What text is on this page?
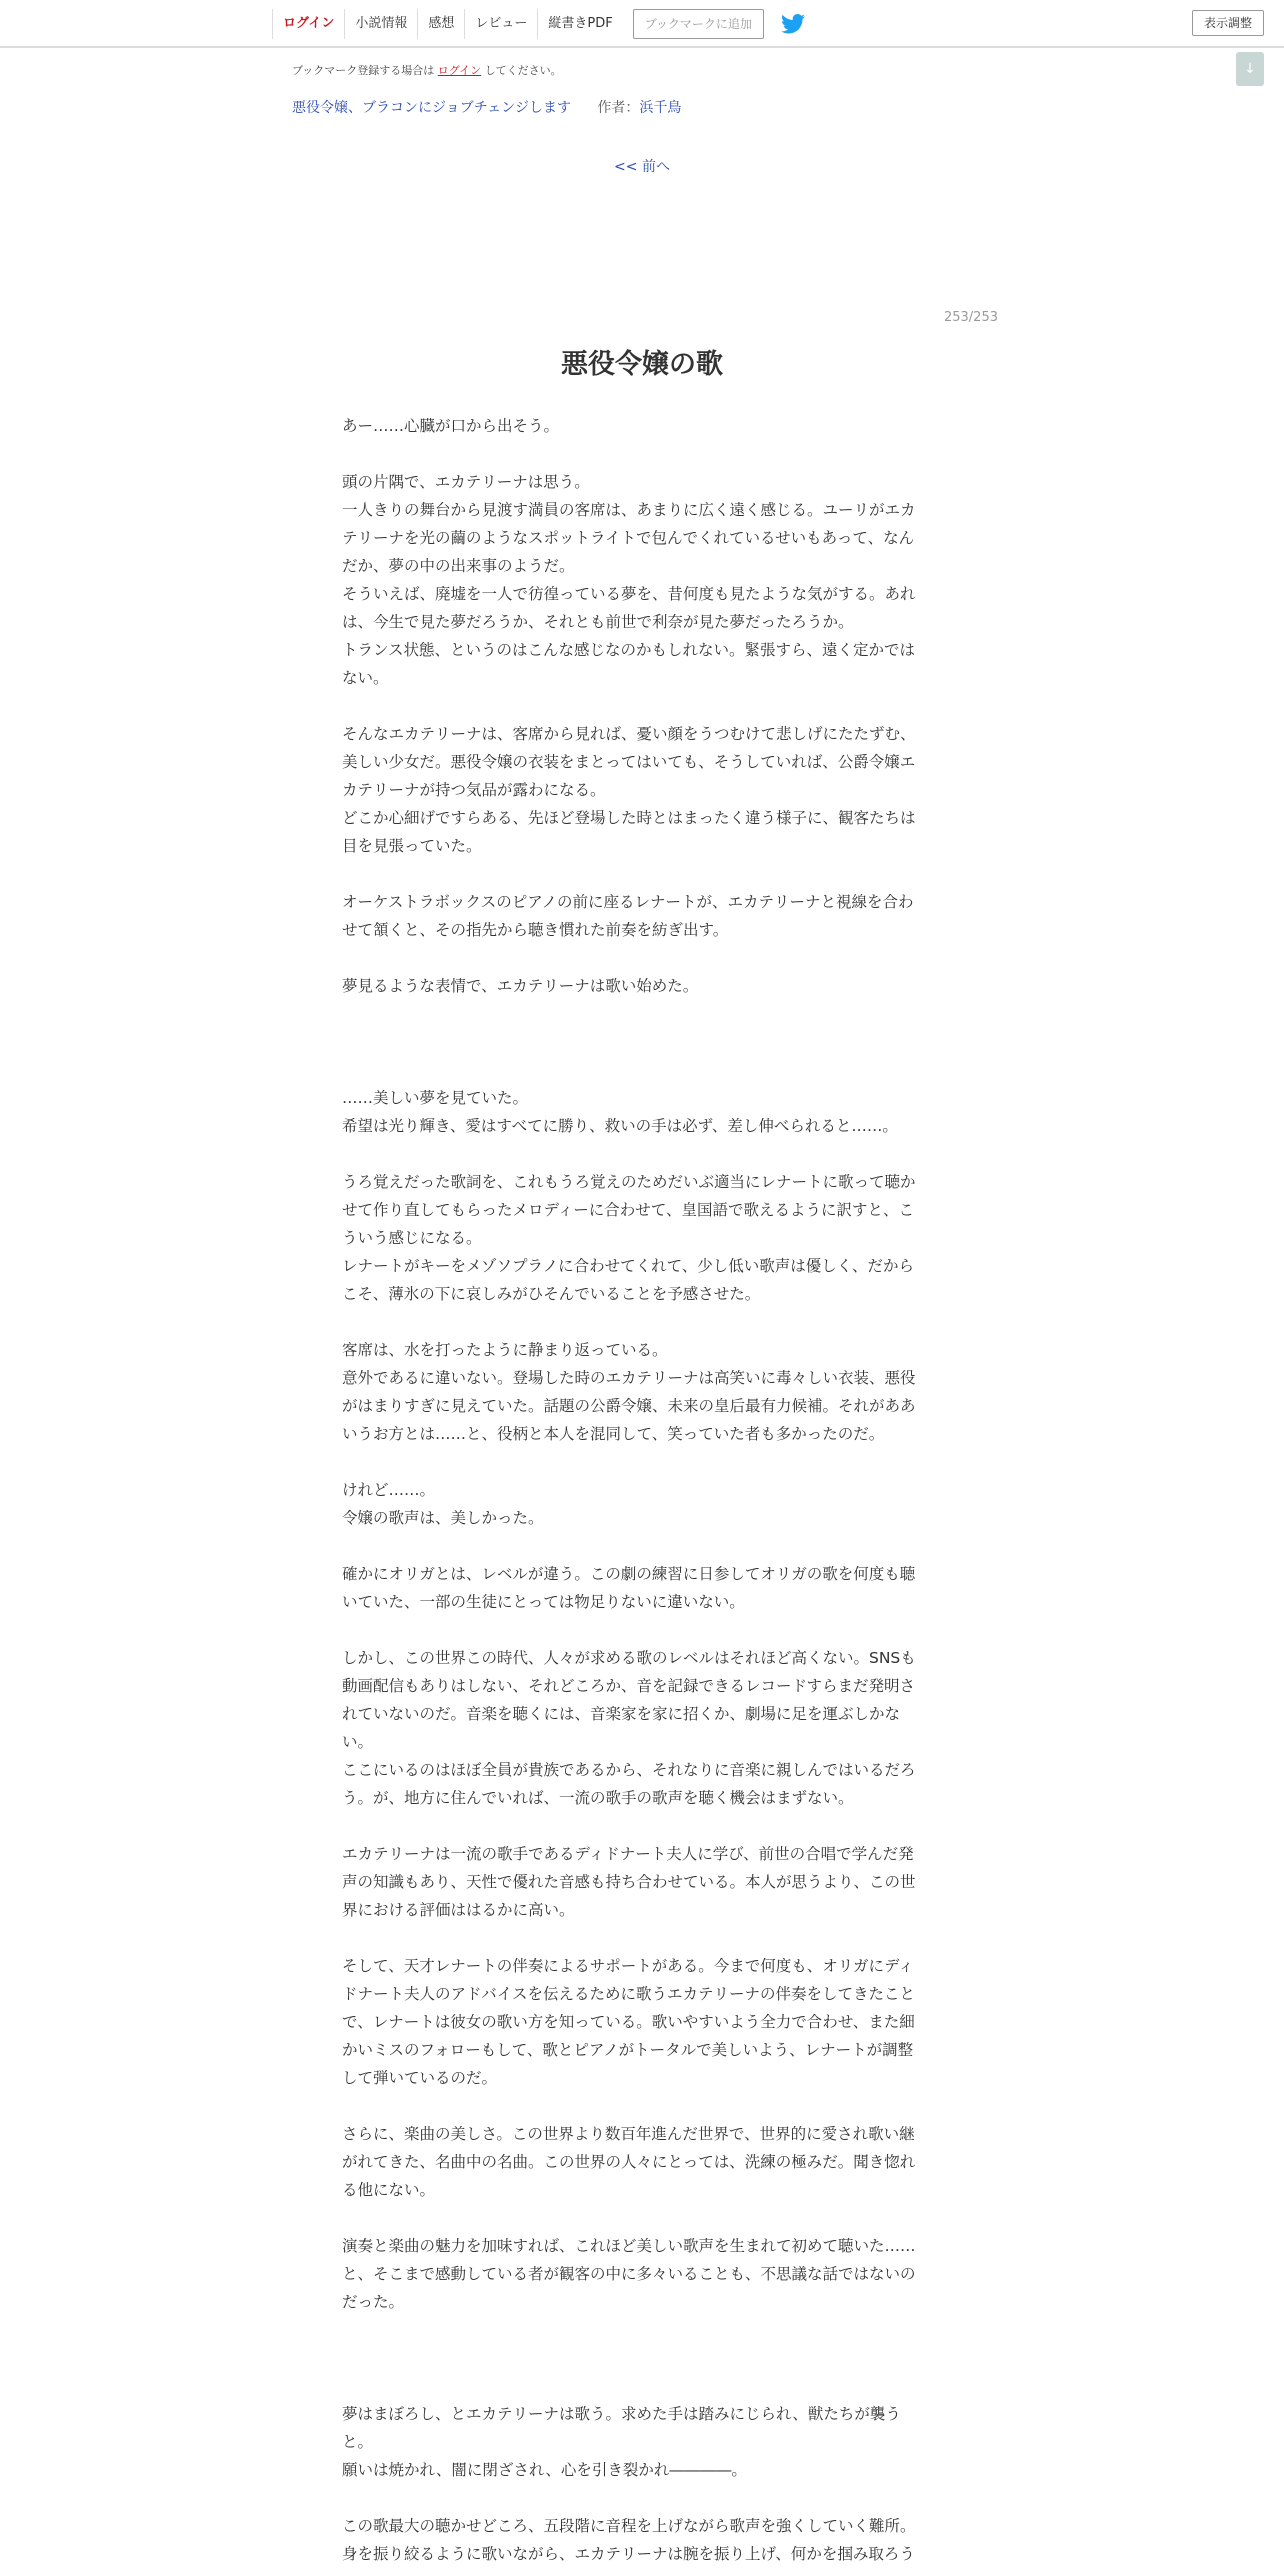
ログイン	小説情報	感想	レビュー	縦書きPDF	ブックマークに追加	表示調整
↓
ブックマーク登録する場合は ログイン してください。
悪役令嬢、ブラコンにジョブチェンジします 作者：浜千鳥
<< 前へ
253/253
悪役令嬢の歌
あー……心臓が口から出そう。
頭の片隅で、エカテリーナは思う。
一人きりの舞台から見渡す満員の客席は、あまりに広く遠く感じる。ユーリがエカ
テリーナを光の繭のようなスポットライトで包んでくれているせいもあって、なん
だか、夢の中の出来事のようだ。
そういえば、廃墟を一人で彷徨っている夢を、昔何度も見たような気がする。あれ
は、今生で見た夢だろうか、それとも前世で利奈が見た夢だったろうか。
トランス状態、というのはこんな感じなのかもしれない。緊張すら、遠く定かでは
ない。
そんなエカテリーナは、客席から見れば、憂い顔をうつむけて悲しげにたたずむ、
美しい少女だ。悪役令嬢の衣装をまとってはいても、そうしていれば、公爵令嬢エ
カテリーナが持つ気品が露わになる。
どこか心細げですらある、先ほど登場した時とはまったく違う様子に、観客たちは
目を見張っていた。
オーケストラボックスのピアノの前に座るレナートが、エカテリーナと視線を合わ
せて頷くと、その指先から聴き慣れた前奏を紡ぎ出す。
夢見るような表情で、エカテリーナは歌い始めた。
……美しい夢を見ていた。
希望は光り輝き、愛はすべてに勝り、救いの手は必ず、差し伸べられると……。
うろ覚えだった歌詞を、これもうろ覚えのためだいぶ適当にレナートに歌って聴か
せて作り直してもらったメロディーに合わせて、皇国語で歌えるように訳すと、こ
ういう感じになる。
レナートがキーをメゾソプラノに合わせてくれて、少し低い歌声は優しく、だから
こそ、薄氷の下に哀しみがひそんでいることを予感させた。
客席は、水を打ったように静まり返っている。
意外であるに違いない。登場した時のエカテリーナは高笑いに毒々しい衣装、悪役
がはまりすぎに見えていた。話題の公爵令嬢、未来の皇后最有力候補。それがああ
いうお方とは……と、役柄と本人を混同して、笑っていた者も多かったのだ。
けれど……。
令嬢の歌声は、美しかった。
確かにオリガとは、レベルが違う。この劇の練習に日参してオリガの歌を何度も聴
いていた、一部の生徒にとっては物足りないに違いない。
しかし、この世界この時代、人々が求める歌のレベルはそれほど高くない。SNSも
動画配信もありはしない、それどころか、音を記録できるレコードすらまだ発明さ
れていないのだ。音楽を聴くには、音楽家を家に招くか、劇場に足を運ぶしかな
い。
ここにいるのはほぼ全員が貴族であるから、それなりに音楽に親しんではいるだろ
う。が、地方に住んでいれば、一流の歌手の歌声を聴く機会はまずない。
エカテリーナは一流の歌手であるディドナート夫人に学び、前世の合唱で学んだ発
声の知識もあり、天性で優れた音感も持ち合わせている。本人が思うより、この世
界における評価ははるかに高い。
そして、天才レナートの伴奏によるサポートがある。今まで何度も、オリガにディ
ドナート夫人のアドバイスを伝えるために歌うエカテリーナの伴奏をしてきたこと
で、レナートは彼女の歌い方を知っている。歌いやすいよう全力で合わせ、また細
かいミスのフォローもして、歌とピアノがトータルで美しいよう、レナートが調整
して弾いているのだ。
さらに、楽曲の美しさ。この世界より数百年進んだ世界で、世界的に愛され歌い継
がれてきた、名曲中の名曲。この世界の人々にとっては、洗練の極みだ。聞き惚れ
る他にない。
演奏と楽曲の魅力を加味すれば、これほど美しい歌声を生まれて初めて聴いた……
と、そこまで感動している者が観客の中に多々いることも、不思議な話ではないの
だった。
夢はまぼろし、とエカテリーナは歌う。求めた手は踏みにじられ、獣たちが襲う
と。
願いは焼かれ、闇に閉ざされ、心を引き裂かれ――――。
この歌最大の聴かせどころ、五段階に音程を上げながら歌声を強くしていく難所。
身を振り絞るように歌いながら、エカテリーナは腕を振り上げ、何かを掴み取ろう
